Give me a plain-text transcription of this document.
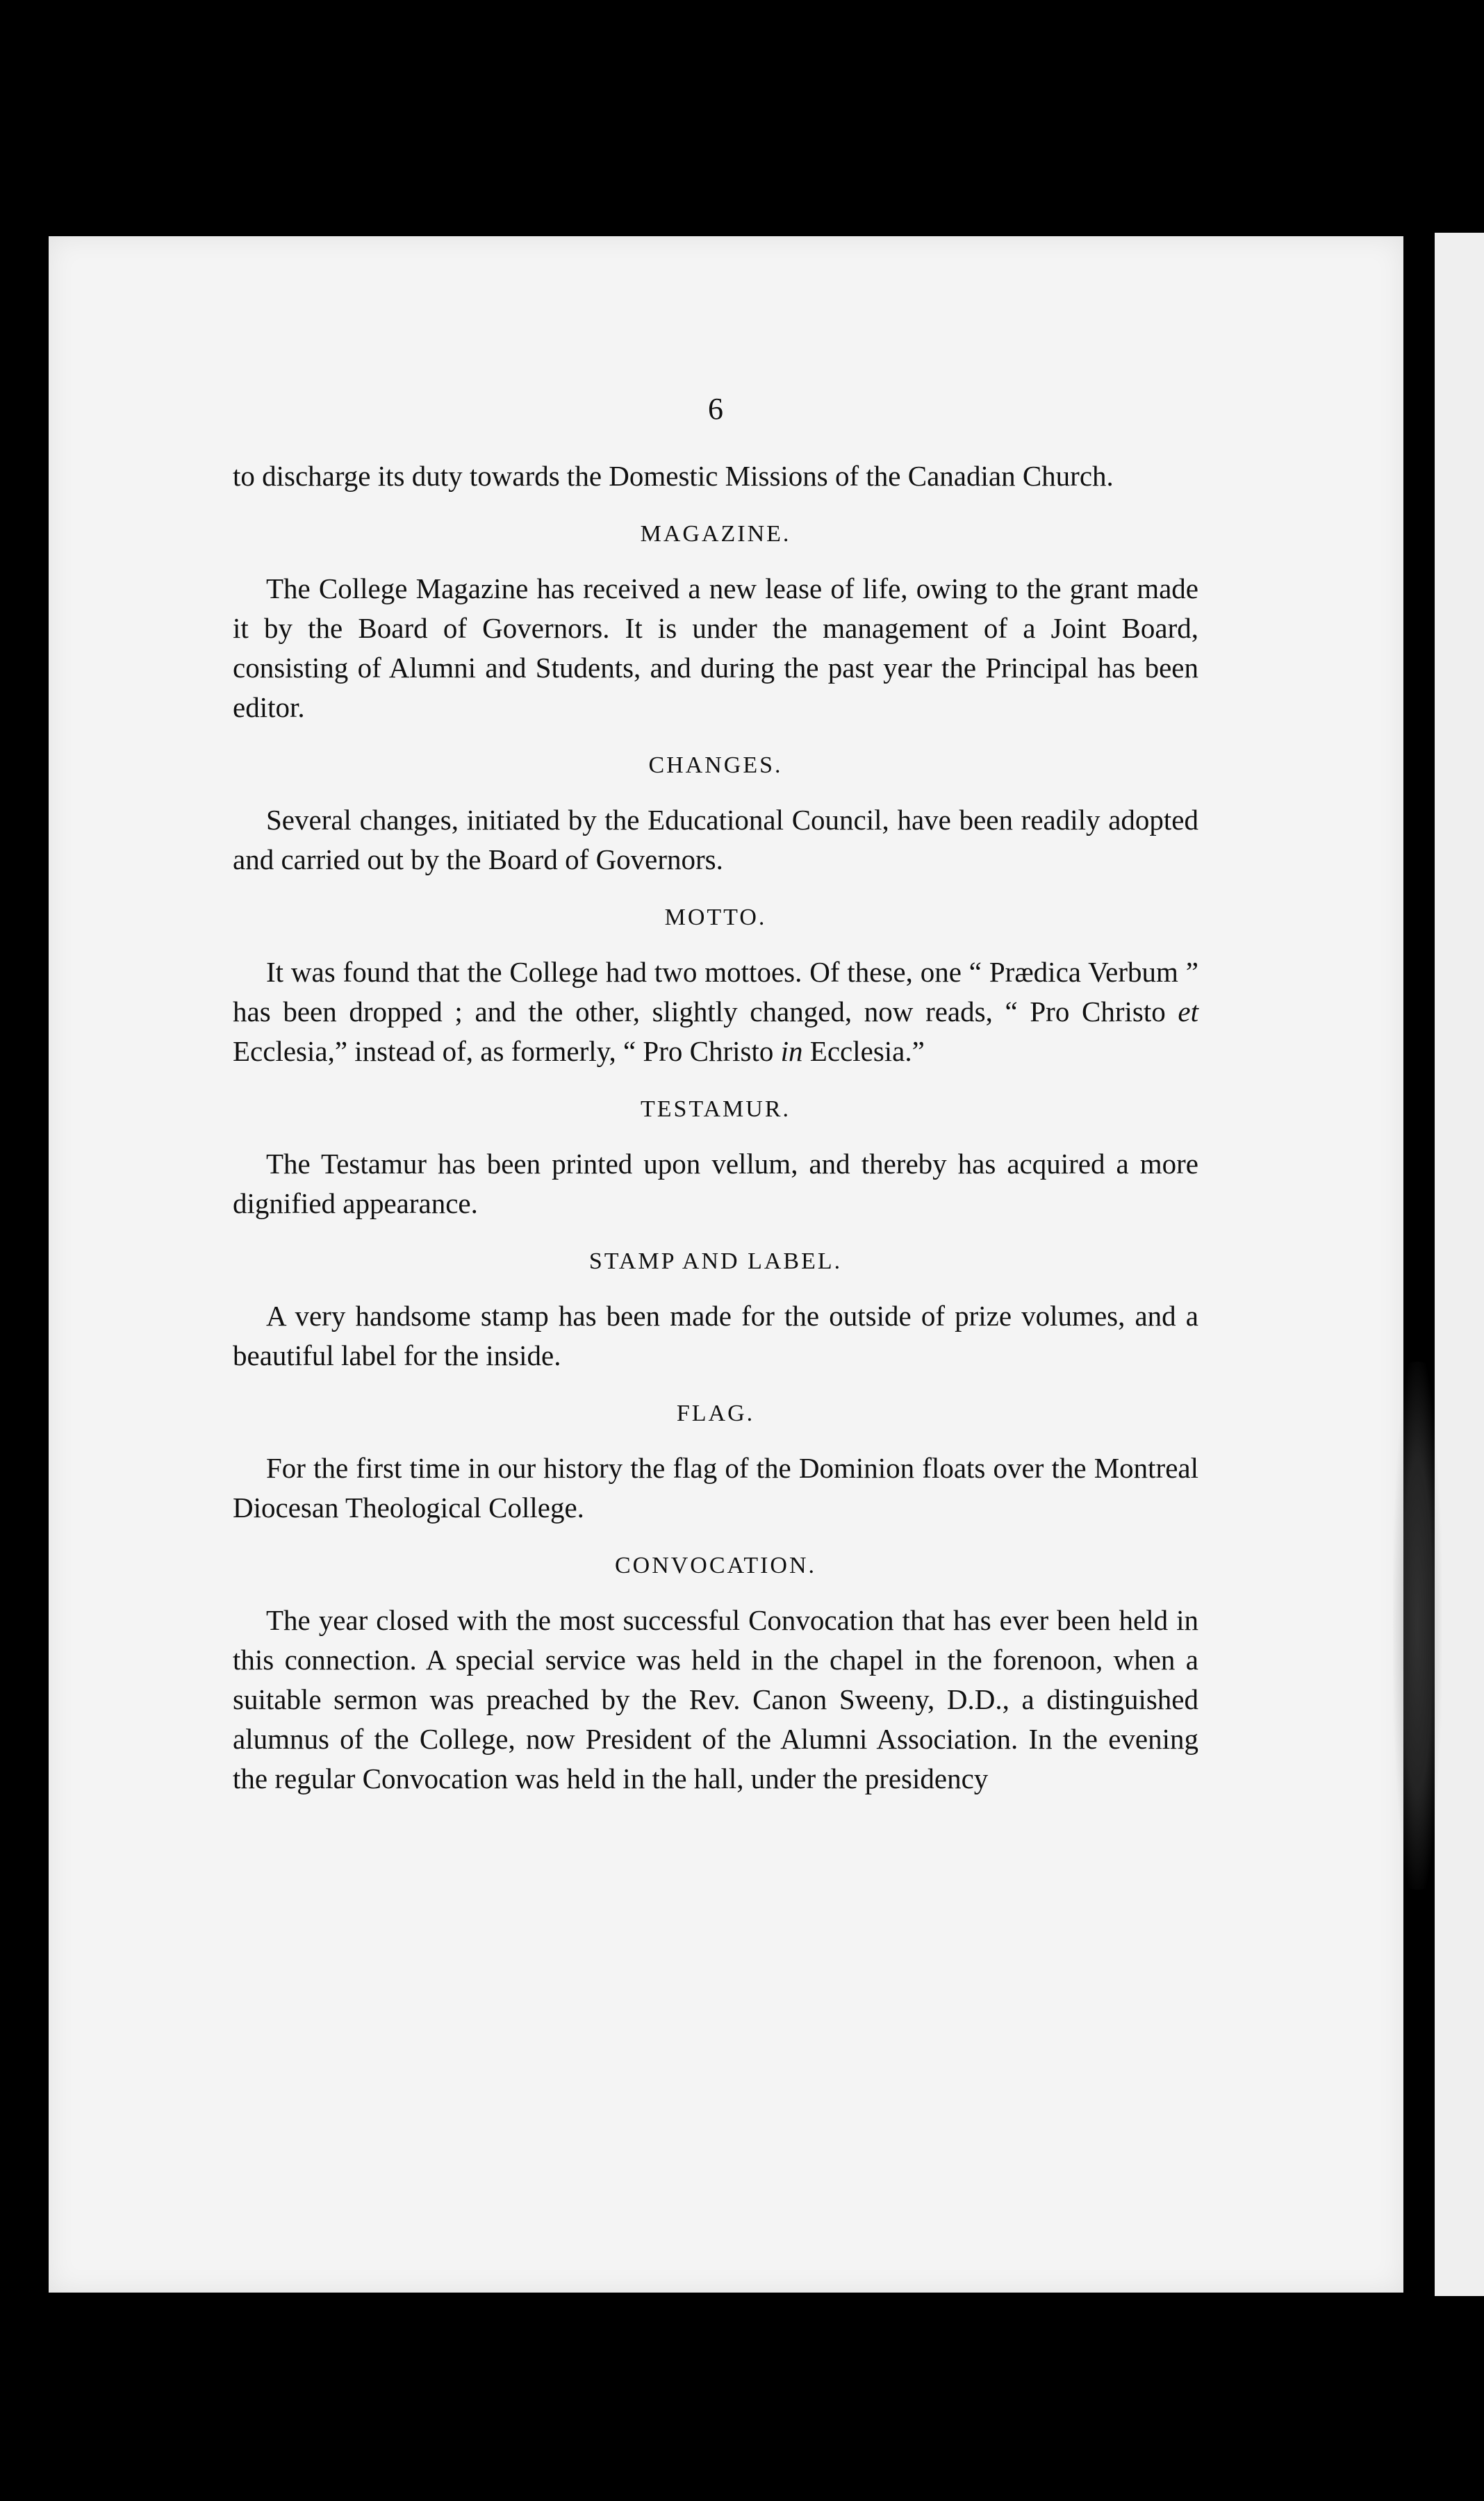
6

to discharge its duty towards the Domestic Missions of the Canadian Church.

MAGAZINE.

The College Magazine has received a new lease of life, owing to the grant made it by the Board of Governors. It is under the management of a Joint Board, consisting of Alumni and Students, and during the past year the Principal has been editor.

CHANGES.

Several changes, initiated by the Educational Council, have been readily adopted and carried out by the Board of Governors.

MOTTO.

It was found that the College had two mottoes. Of these, one “ Prædica Verbum ” has been dropped ; and the other, slightly changed, now reads, “ Pro Christo et Ecclesia,” instead of, as formerly, “ Pro Christo in Ecclesia.”

TESTAMUR.

The Testamur has been printed upon vellum, and thereby has acquired a more dignified appearance.

STAMP AND LABEL.

A very handsome stamp has been made for the outside of prize volumes, and a beautiful label for the inside.

FLAG.

For the first time in our history the flag of the Dominion floats over the Montreal Diocesan Theological College.

CONVOCATION.

The year closed with the most successful Convocation that has ever been held in this connection. A special service was held in the chapel in the forenoon, when a suitable sermon was preached by the Rev. Canon Sweeny, D.D., a distinguished alumnus of the College, now President of the Alumni Association. In the evening the regular Convocation was held in the hall, under the presidency
